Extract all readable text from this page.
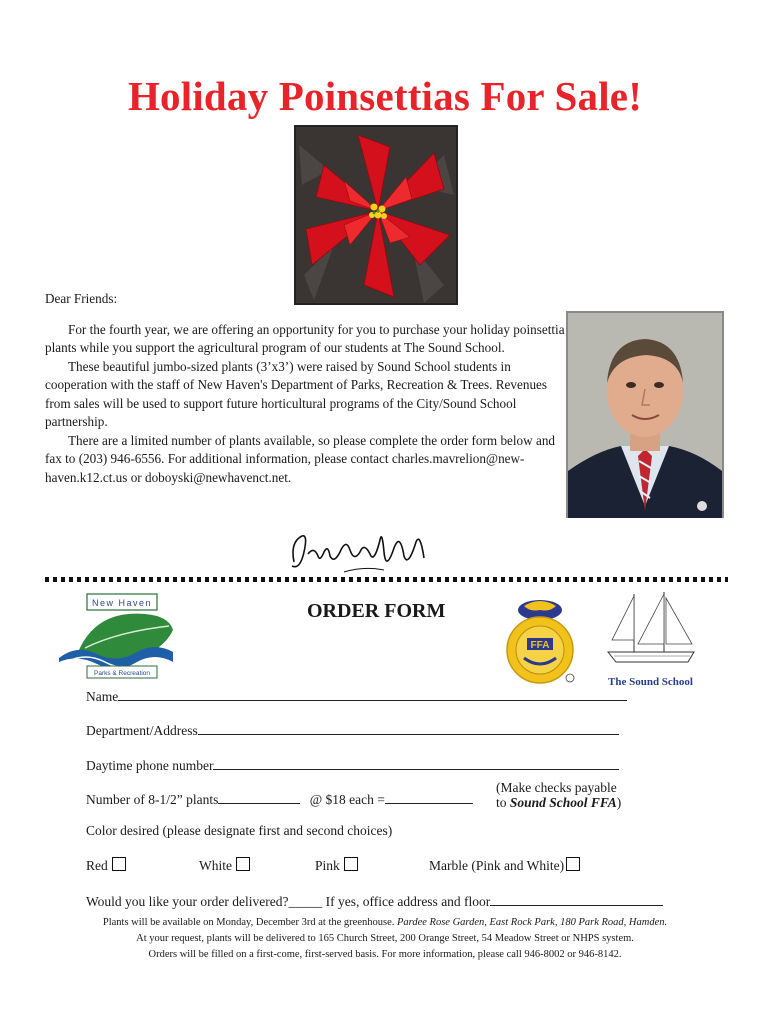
Holiday Poinsettias For Sale!

Dear Friends:

For the fourth year, we are offering an opportunity for you to purchase your holiday poinsettia plants while you support the agricultural program of our students at The Sound School.

These beautiful jumbo-sized plants (3’x3’) were raised by Sound School students in cooperation with the staff of New Haven's Department of Parks, Recreation & Trees. Revenues from sales will be used to support future horticultural programs of the City/Sound School partnership.

There are a limited number of plants available, so please complete the order form below and fax to (203) 946-6556. For additional information, please contact charles.mavrelion@new-haven.k12.ct.us or doboyski@newhavenct.net.

New Haven
Parks & Recreation
ORDER FORM
FFA
The Sound School
Name
Department/Address
Daytime phone number
Number of 8-1/2” plants	@ $18 each =
(Make checks payable
to Sound School FFA)
Color desired (please designate first and second choices)
Red	White	Pink	Marble (Pink and White)
Would you like your order delivered?_____ If yes, office address and floor

Plants will be available on Monday, December 3rd at the greenhouse. Pardee Rose Garden, East Rock Park, 180 Park Road, Hamden.

At your request, plants will be delivered to 165 Church Street, 200 Orange Street, 54 Meadow Street or NHPS system.

Orders will be filled on a first-come, first-served basis. For more information, please call 946-8002 or 946-8142.
